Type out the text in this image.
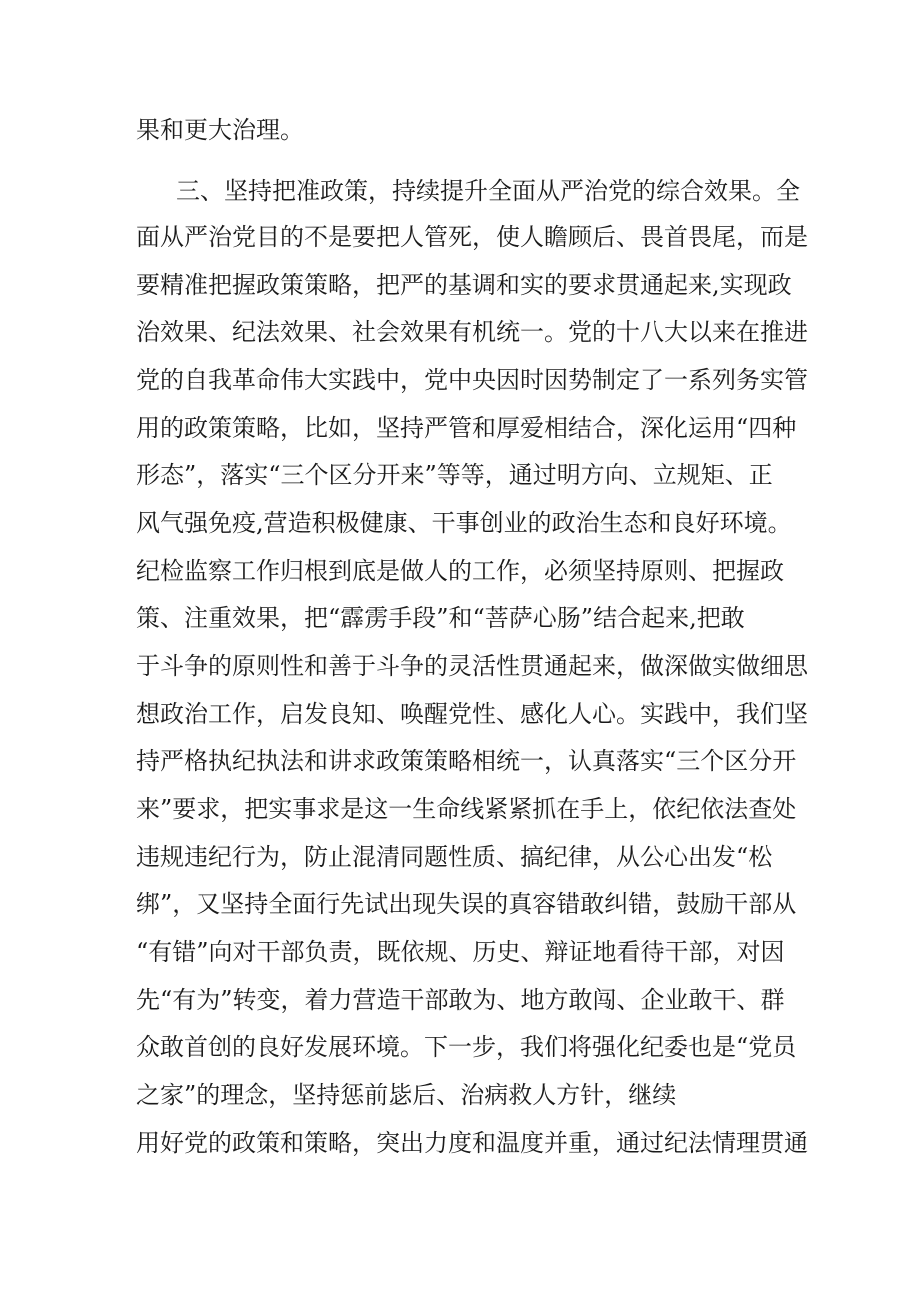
果和更大治理。
三、坚持把准政策，持续提升全面从严治党的综合效果。全
面从严治党目的不是要把人管死，使人瞻顾后、畏首畏尾，而是
要精准把握政策策略，把严的基调和实的要求贯通起来,实现政
治效果、纪法效果、社会效果有机统一。党的十八大以来在推进
党的自我革命伟大实践中，党中央因时因势制定了一系列务实管
用的政策策略，比如，坚持严管和厚爱相结合，深化运用“四种
形态”，落实“三个区分开来”等等，通过明方向、立规矩、正
风气强免疫,营造积极健康、干事创业的政治生态和良好环境。
纪检监察工作归根到底是做人的工作，必须坚持原则、把握政
策、注重效果，把“霹雳手段”和“菩萨心肠”结合起来,把敢
于斗争的原则性和善于斗争的灵活性贯通起来，做深做实做细思
想政治工作，启发良知、唤醒党性、感化人心。实践中，我们坚
持严格执纪执法和讲求政策策略相统一，认真落实“三个区分开
来”要求，把实事求是这一生命线紧紧抓在手上，依纪依法查处
违规违纪行为，防止混清同题性质、搞纪律，从公心出发“松
绑”，又坚持全面行先试出现失误的真容错敢纠错，鼓励干部从
“有错”向对干部负责，既依规、历史、辩证地看待干部，对因
先“有为”转变，着力营造干部敢为、地方敢闯、企业敢干、群
众敢首创的良好发展环境。下一步，我们将强化纪委也是“党员
之家”的理念，坚持惩前毖后、治病救人方针，继续
用好党的政策和策略，突出力度和温度并重，通过纪法情理贯通
